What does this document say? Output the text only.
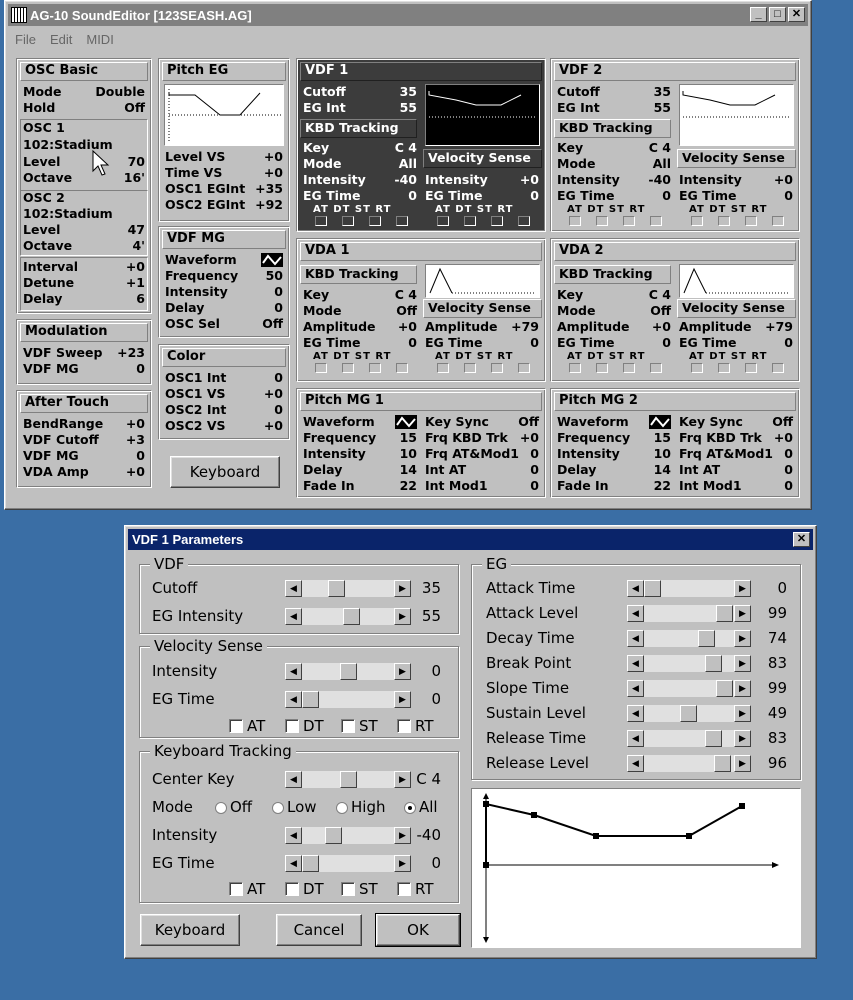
AG-10 SoundEditor [123SEASH.AG]	_	□	✕
File Edit MIDI
OSC Basic
Mode	Double
Hold	Off
OSC 1
102:Stadium
Level	70
Octave	16'
OSC 2
102:Stadium
Level	47
Octave	4'
Interval	+0
Detune	+1
Delay	6
Modulation
VDF Sweep +23
VDF MG	0
After Touch
BendRange +0
VDF Cutoff +3
VDF MG	0
VDA Amp	+0
Pitch EG
Level VS	+0
Time VS	+0
OSC1 EGInt +35
OSC2 EGInt +92
VDF MG
Waveform
Frequency 50
Intensity	0
Delay	0
OSC Sel	Off
Color
OSC1 Int	0
OSC1 VS	+0
OSC2 Int	0
OSC2 VS	+0
Keyboard
VDF 1
Cutoff	35
EG Int	55
KBD Tracking
Key	C 4
Mode	All
Intensity -40
EG Time	0
Velocity Sense
Intensity	+0
EG Time	0
AT DT ST RT	AT DT ST RT
VDF 2
Cutoff	35
EG Int	55
KBD Tracking
Key	C 4
Mode	All
Intensity -40
EG Time	0
Velocity Sense
Intensity	+0
EG Time	0
AT DT ST RT	AT DT ST RT
VDA 1
KBD Tracking
Key	C 4
Mode	Off
Amplitude +0
EG Time	0
Velocity Sense
Amplitude +79
EG Time	0
AT DT ST RT	AT DT ST RT
VDA 2
KBD Tracking
Key	C 4
Mode	Off
Amplitude +0
EG Time	0
Velocity Sense
Amplitude +79
EG Time	0
AT DT ST RT	AT DT ST RT
Pitch MG 1
Waveform
Frequency 15
Intensity	10
Delay	14
Fade In	22
Key Sync Off
Frq KBD Trk +0
Frq AT&Mod1 0
Int AT	0
Int Mod1	0
Pitch MG 2
Waveform
Frequency 15
Intensity	10
Delay	14
Fade In	22
Key Sync Off
Frq KBD Trk +0
Frq AT&Mod1 0
Int AT	0
Int Mod1	0
VDF 1 Parameters	✕
VDF
Velocity Sense
Keyboard Tracking
EG
Cutoff	◀	▶	35
EG Intensity	◀	▶	55
Intensity	◀	▶	0
EG Time	◀	▶	0
AT	DT ST RT
Center Key	◀	▶ C 4
Mode Off Low High All
Intensity	◀	▶ -40
EG Time	◀	▶	0
AT	DT ST RT
Attack Time	◀	▶	0
Attack Level	◀	▶	99
Decay Time	◀	▶	74
Break Point	◀	▶	83
Slope Time	◀	▶	99
Sustain Level	◀	▶	49
Release Time	◀	▶	83
Release Level	◀	▶	96
Keyboard	Cancel	OK
